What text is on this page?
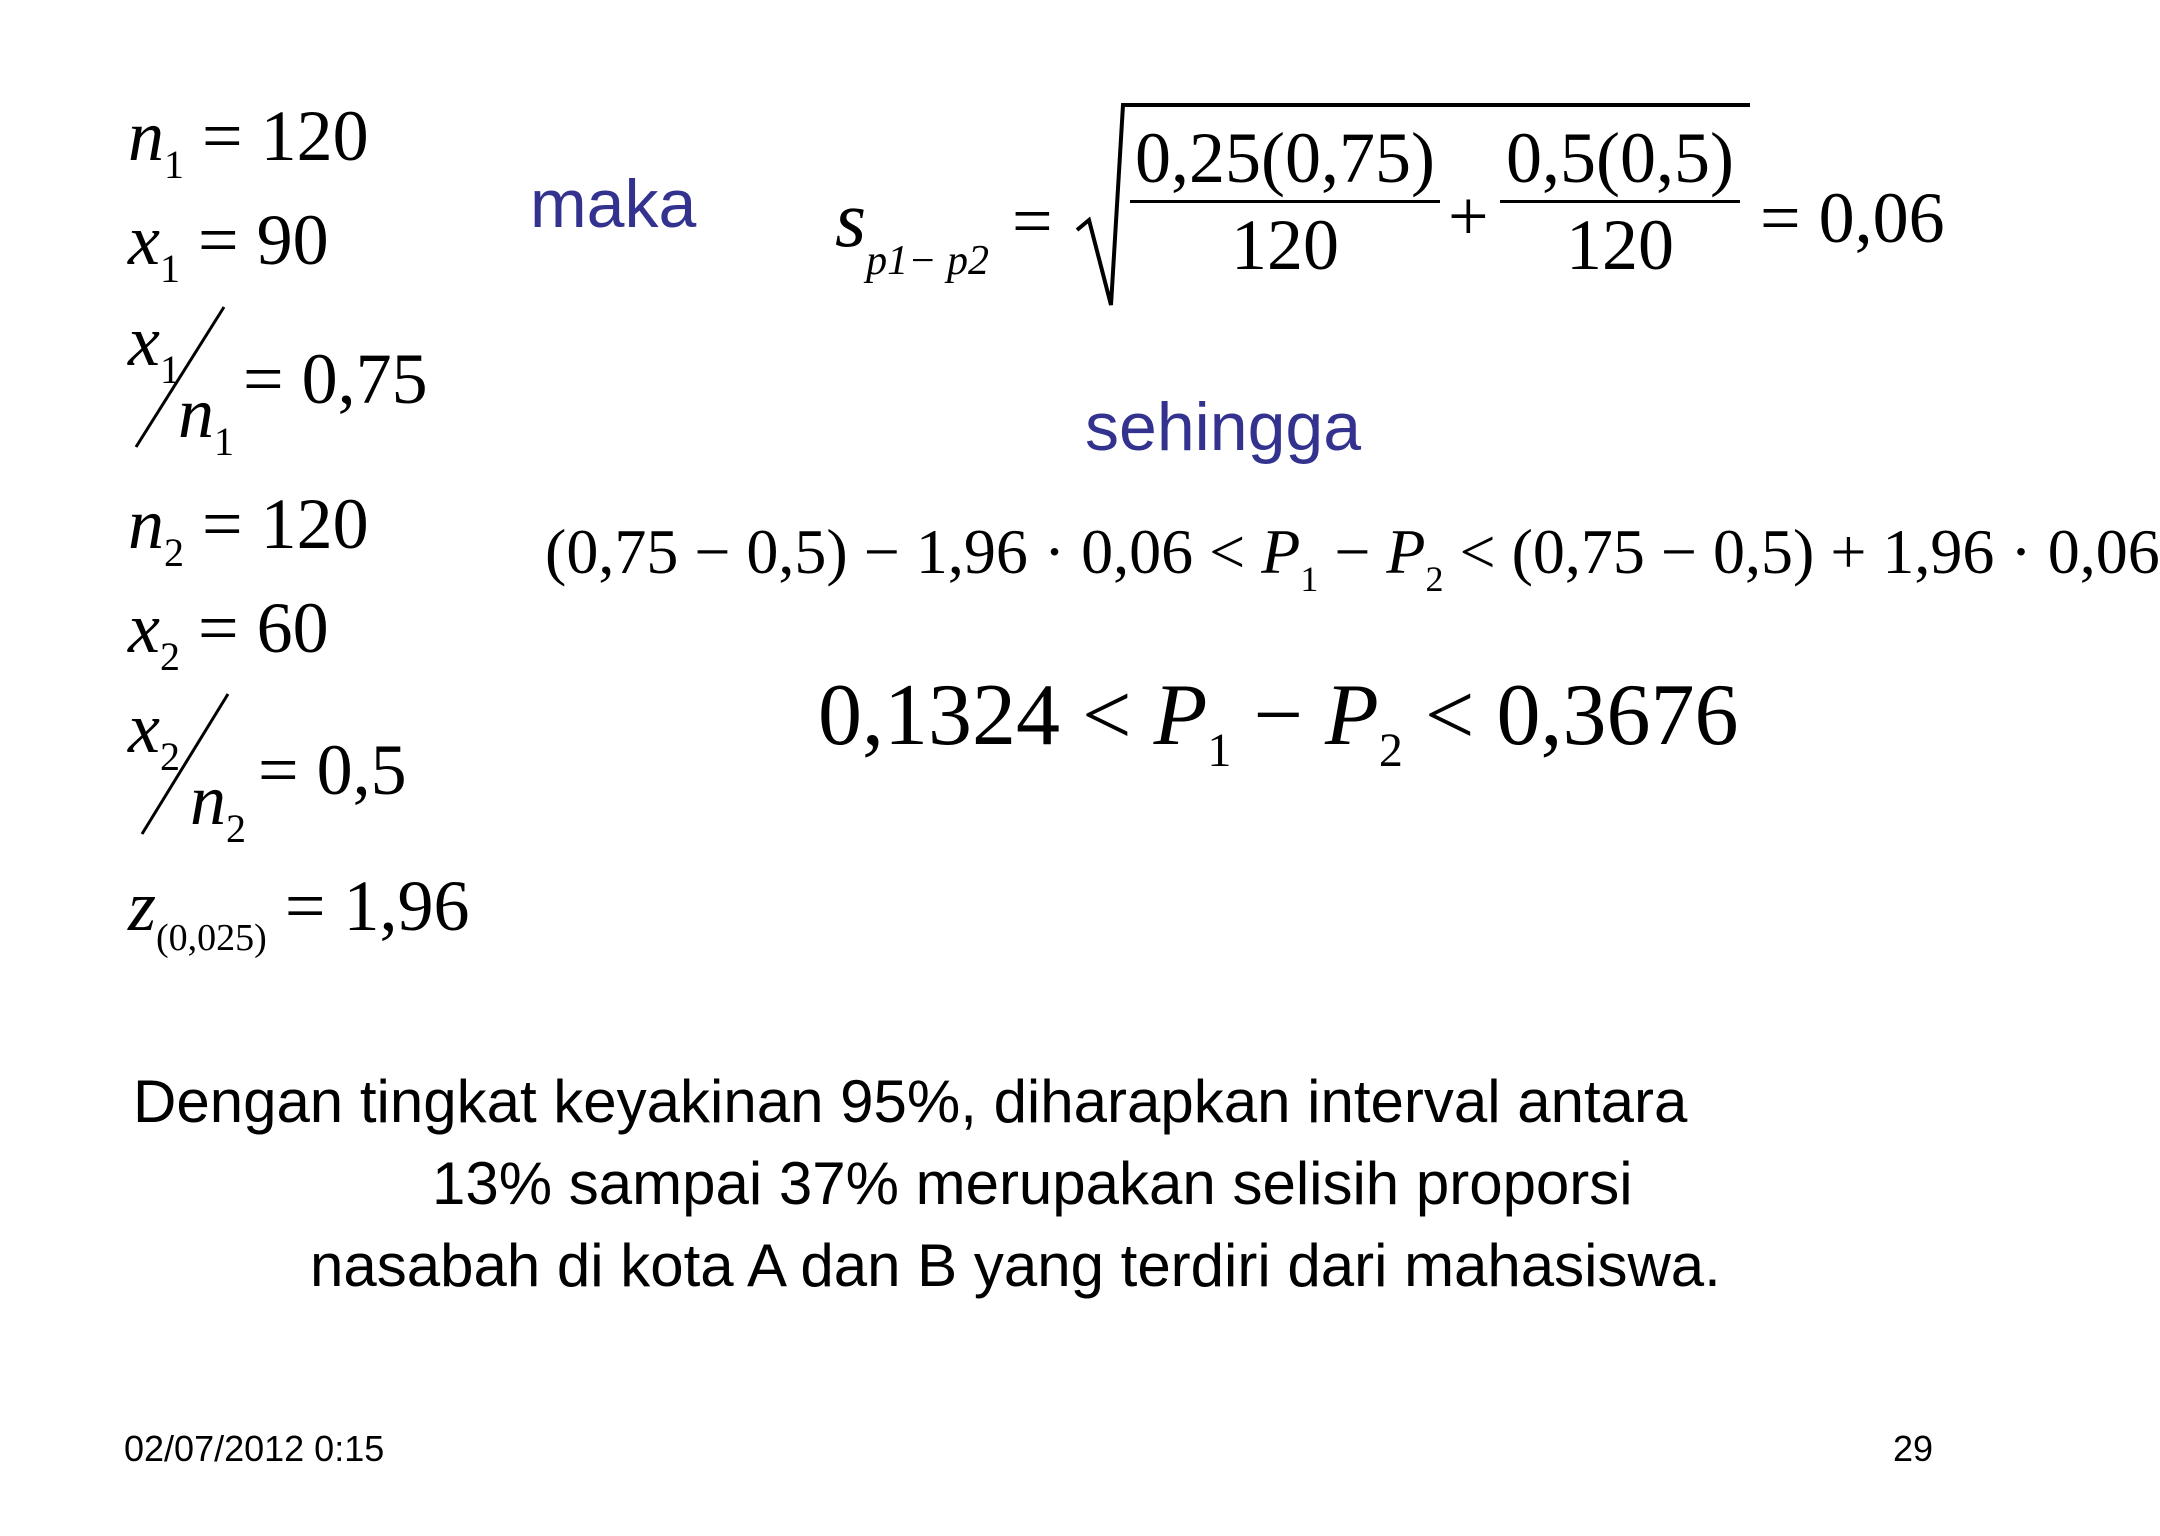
$n_1 = 120$
$x_1 = 90$
$x_1$
$n_1$
= 0,75
$n_2 = 120$
$x_2 = 60$
$x_2$
$n_2$
= 0,5
$z_{(0,025)} = 1,96$
maka $s_{p1- p2}$ =
0,25(0,75)
120	+
0,5(0,5)
120	= 0,06
sehingga
$(0,75 - 0,5) - 1,96 \cdot 0,06 < P_1 - P_2 < (0,75 - 0,5) + 1,96 \cdot 0,06$
$0,1324 < P_1 - P_2 < 0,3676$
Dengan tingkat keyakinan 95%, diharapkan interval antara
13% sampai 37% merupakan selisih proporsi
nasabah di kota A dan B yang terdiri dari mahasiswa.
02/07/2012 0:15	29
